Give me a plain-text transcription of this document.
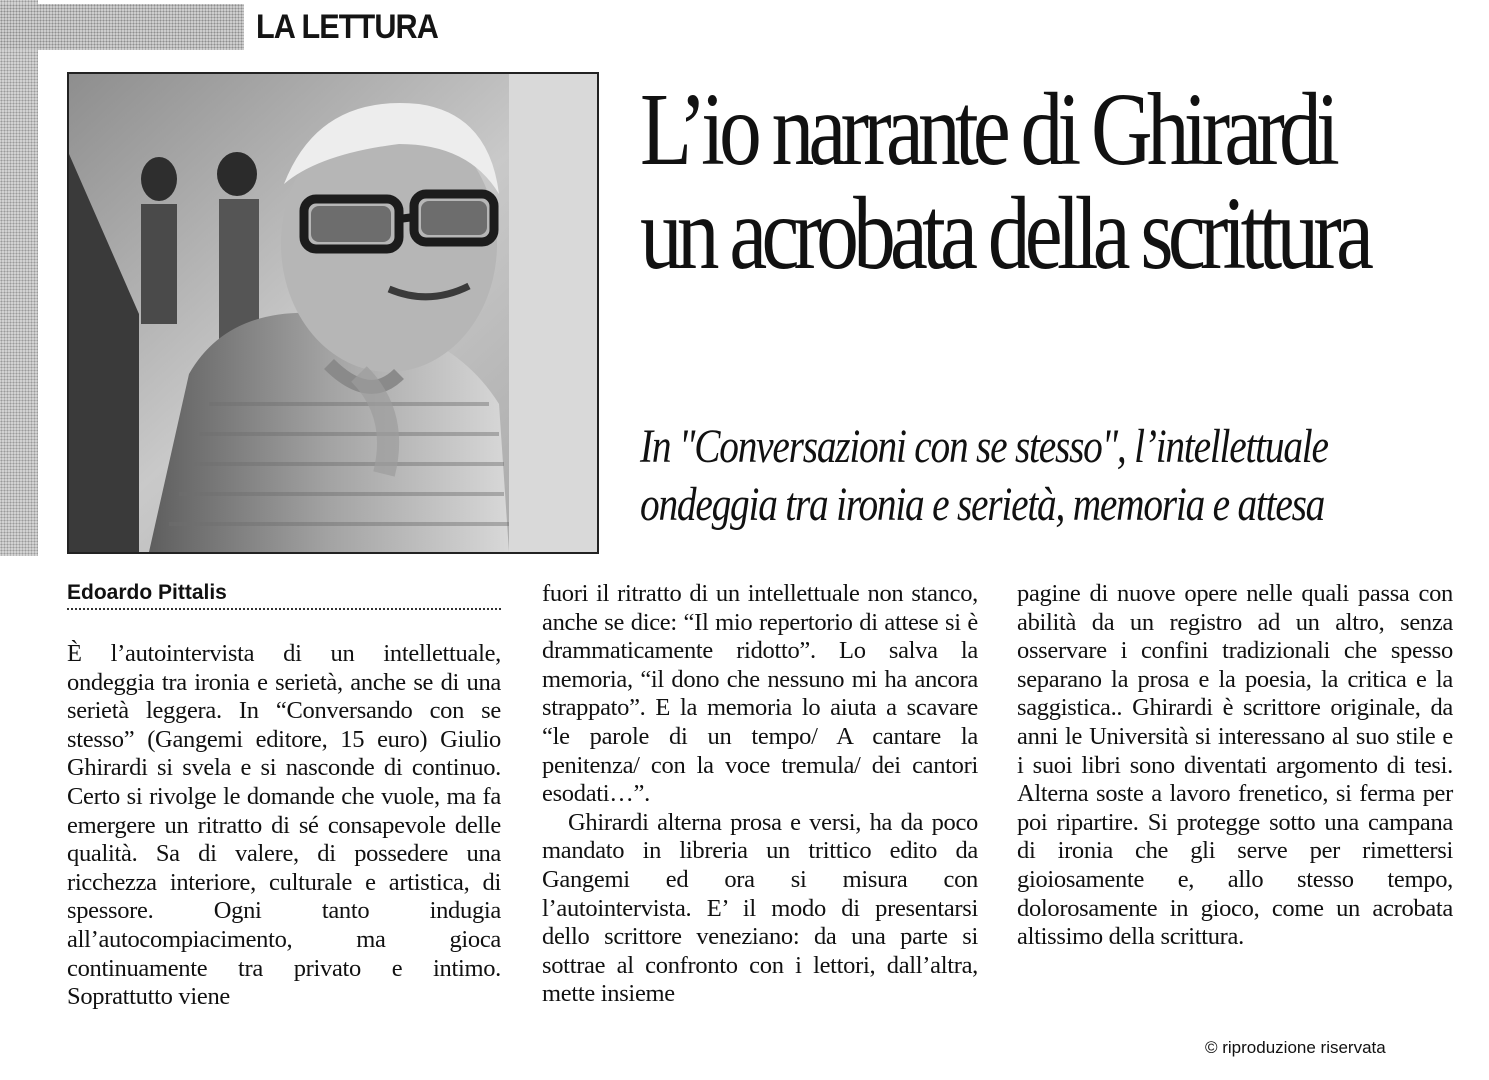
LA LETTURA
L’io narrante di Ghirardi
un acrobata della scrittura
In "Conversazioni con se stesso", l’intellettuale
ondeggia tra ironia e serietà, memoria e attesa
Edoardo Pittalis

È l’autointervista di un intellettuale, ondeggia tra ironia e serietà, anche se di una serietà leggera. In “Conversando con se stesso” (Gangemi editore, 15 euro) Giulio Ghirardi si svela e si nasconde di continuo. Certo si rivolge le domande che vuole, ma fa emergere un ritratto di sé consapevole delle qualità. Sa di valere, di possedere una ricchezza interiore, culturale e artistica, di spessore. Ogni tanto indugia all’autocompiacimento, ma gioca continuamente tra privato e intimo. Soprattutto viene

fuori il ritratto di un intellettuale non stanco, anche se dice: “Il mio repertorio di attese si è drammaticamente ridotto”. Lo salva la memoria, “il dono che nessuno mi ha ancora strappato”. E la memoria lo aiuta a scavare “le parole di un tempo/ A cantare la penitenza/ con la voce tremula/ dei cantori esodati…”.

Ghirardi alterna prosa e versi, ha da poco mandato in libreria un trittico edito da Gangemi ed ora si misura con l’autointervista. E’ il modo di presentarsi dello scrittore veneziano: da una parte si sottrae al confronto con i lettori, dall’altra, mette insieme

pagine di nuove opere nelle quali passa con abilità da un registro ad un altro, senza osservare i confini tradizionali che spesso separano la prosa e la poesia, la critica e la saggistica.. Ghirardi è scrittore originale, da anni le Università si interessano al suo stile e i suoi libri sono diventati argomento di tesi. Alterna soste a lavoro frenetico, si ferma per poi ripartire. Si protegge sotto una campana di ironia che gli serve per rimettersi gioiosamente e, allo stesso tempo, dolorosamente in gioco, come un acrobata altissimo della scrittura.

© riproduzione riservata
